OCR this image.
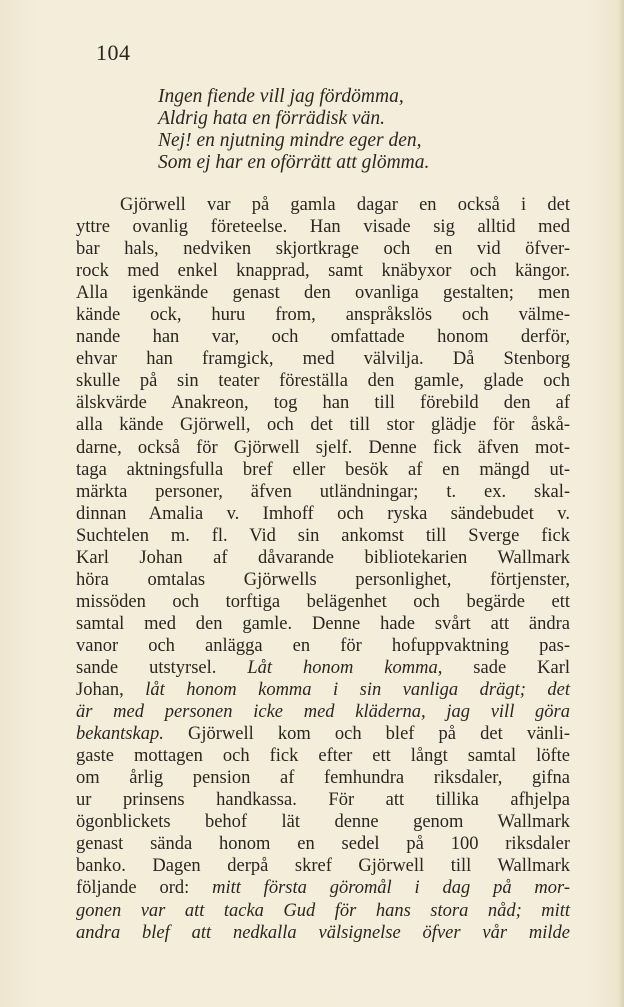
104
Ingen fiende vill jag fördömma,
Aldrig hata en förrädisk vän.
Nej! en njutning mindre eger den,
Som ej har en oförrätt att glömma.
Gjörwell var på gamla dagar en också i det
yttre ovanlig företeelse. Han visade sig alltid med
bar hals, nedviken skjortkrage och en vid öfver-
rock med enkel knapprad, samt knäbyxor och kängor.
Alla igenkände genast den ovanliga gestalten; men
kände ock, huru from, anspråkslös och välme-
nande han var, och omfattade honom derför,
ehvar han framgick, med välvilja. Då Stenborg
skulle på sin teater föreställa den gamle, glade och
älskvärde Anakreon, tog han till förebild den af
alla kände Gjörwell, och det till stor glädje för åskå-
darne, också för Gjörwell sjelf. Denne fick äfven mot-
taga aktningsfulla bref eller besök af en mängd ut-
märkta personer, äfven utländningar; t. ex. skal-
dinnan Amalia v. Imhoff och ryska sändebudet v.
Suchtelen m. fl. Vid sin ankomst till Sverge fick
Karl Johan af dåvarande bibliotekarien Wallmark
höra omtalas Gjörwells personlighet, förtjenster,
missöden och torftiga belägenhet och begärde ett
samtal med den gamle. Denne hade svårt att ändra
vanor och anlägga en för hofuppvaktning pas-
sande utstyrsel. Låt honom komma, sade Karl
Johan, låt honom komma i sin vanliga drägt; det
är med personen icke med kläderna, jag vill göra
bekantskap. Gjörwell kom och blef på det vänli-
gaste mottagen och fick efter ett långt samtal löfte
om årlig pension af femhundra riksdaler, gifna
ur prinsens handkassa. För att tillika afhjelpa
ögonblickets behof lät denne genom Wallmark
genast sända honom en sedel på 100 riksdaler
banko. Dagen derpå skref Gjörwell till Wallmark
följande ord: mitt första göromål i dag på mor-
gonen var att tacka Gud för hans stora nåd; mitt
andra blef att nedkalla välsignelse öfver vår milde
